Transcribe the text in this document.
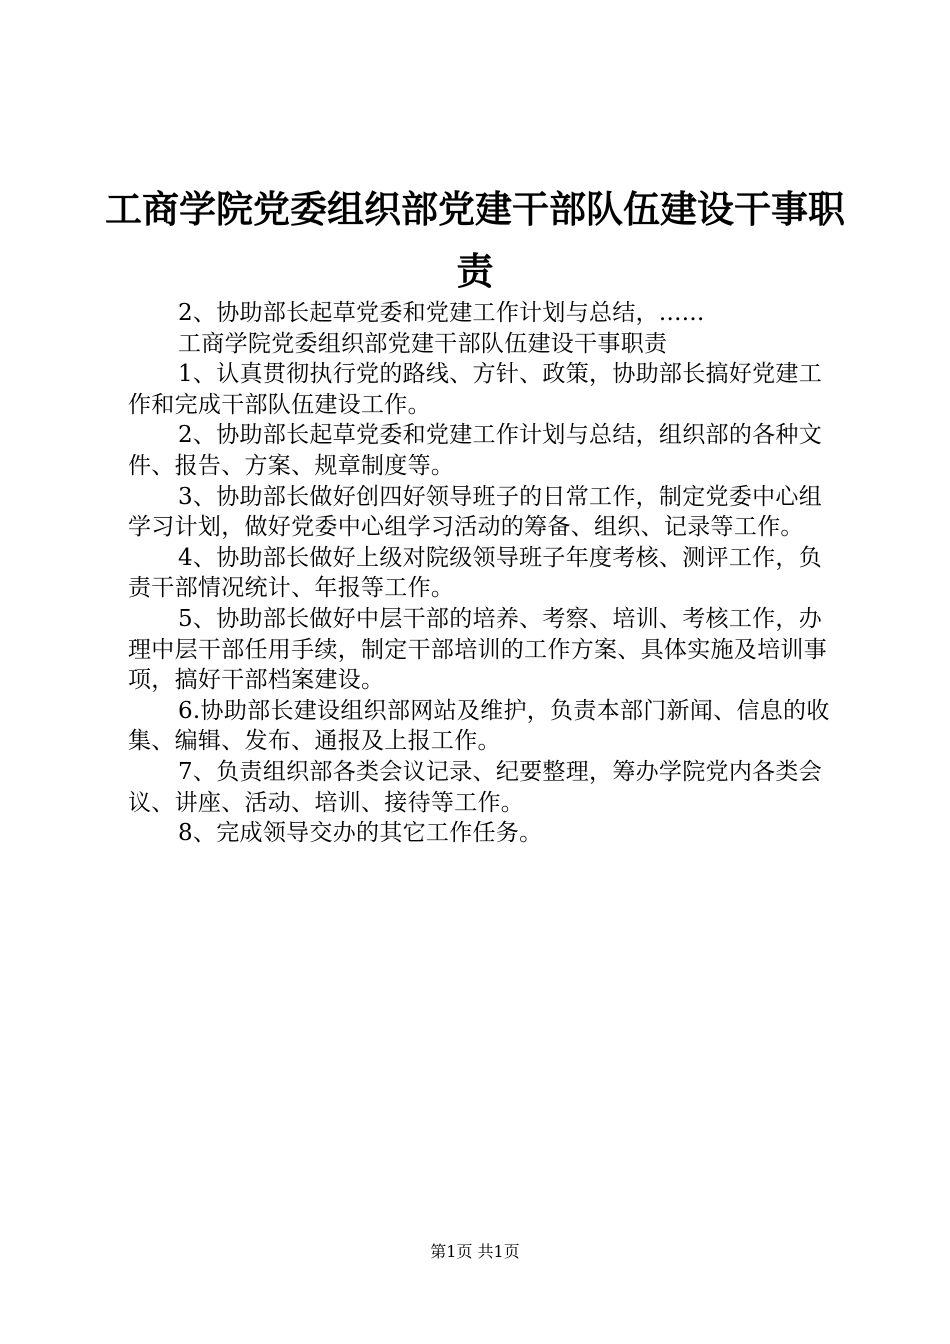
工商学院党委组织部党建干部队伍建设干事职责

2、协助部长起草党委和党建工作计划与总结，......

工商学院党委组织部党建干部队伍建设干事职责

1、认真贯彻执行党的路线、方针、政策，协助部长搞好党建工作和完成干部队伍建设工作。

2、协助部长起草党委和党建工作计划与总结，组织部的各种文件、报告、方案、规章制度等。

3、协助部长做好创四好领导班子的日常工作，制定党委中心组学习计划，做好党委中心组学习活动的筹备、组织、记录等工作。

4、协助部长做好上级对院级领导班子年度考核、测评工作，负责干部情况统计、年报等工作。

5、协助部长做好中层干部的培养、考察、培训、考核工作，办理中层干部任用手续，制定干部培训的工作方案、具体实施及培训事项，搞好干部档案建设。

6.协助部长建设组织部网站及维护，负责本部门新闻、信息的收集、编辑、发布、通报及上报工作。

7、负责组织部各类会议记录、纪要整理，筹办学院党内各类会议、讲座、活动、培训、接待等工作。

8、完成领导交办的其它工作任务。

第1页 共1页
